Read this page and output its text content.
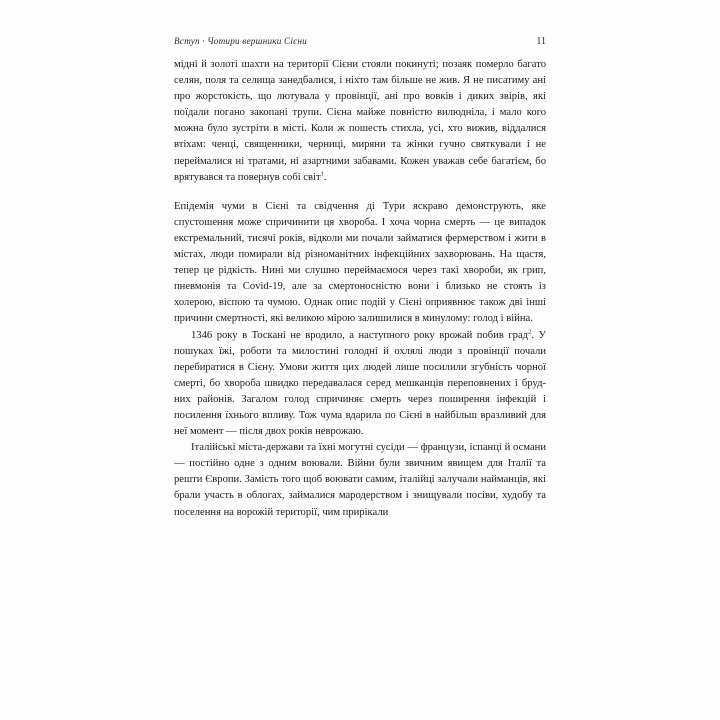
Вступ · Чотири вершники Сієни	11

мідні й золоті шахти на території Сієни стояли покинуті; позаяк померло багато селян, поля та селища занедбалися, і ніхто там більше не жив. Я не писатиму ані про жорстокість, що лютувала у провінції, ані про вовків і диких звірів, які поїдали погано закопані трупи. Сієна майже повністю вилюдніла, і мало кого можна було зустріти в місті. Коли ж пошесть стихла, усі, хто вижив, віддалися втіхам: ченці, священники, черниці, миряни та жінки гучно святкували і не переймалися ні тратами, ні азартними забавами. Кожен уважав себе багатієм, бо врятувався та повернув собі світ$^1$.

Епідемія чуми в Сієні та свідчення ді Тури яскраво демонструють, яке спустошення може спричинити ця хвороба. І хоча чорна смерть — це випадок екстремальний, тисячі років, відколи ми почали займатися фермерством і жити в містах, люди помирали від різноманітних інфекційних захворювань. На щастя, тепер це рідкість. Нині ми слушно переймаємося через такі хвороби, як грип, пневмонія та Covid-19, але за смертоносністю вони і близько не стоять із холерою, віспою та чумою. Однак опис подій у Сієні оприявнює також дві інші причини смертності, які великою мірою залишилися в минулому: голод і війна.

1346 року в Тоскані не вродило, а наступного року врожай побив град$^2$. У пошуках їжі, роботи та милостині голодні й охлялі люди з провінції почали перебиратися в Сієну. Умови життя цих людей лише посилили згубність чорної смерті, бо хвороба швидко передавалася серед мешканців переповнених і брудних районів. Загалом голод спричиняє смерть через поширення інфекцій і посилення їхнього впливу. Тож чума вдарила по Сієні в найбільш вразливий для неї момент — після двох років неврожаю.

Італійські міста-держави та їхні могутні сусіди — французи, іспанці й османи — постійно одне з одним воювали. Війни були звичним явищем для Італії та решти Європи. Замість того щоб воювати самим, італійці залучали найманців, які брали участь в облогах, займалися мародерством і знищували посіви, худобу та поселення на ворожій території, чим прирікали
